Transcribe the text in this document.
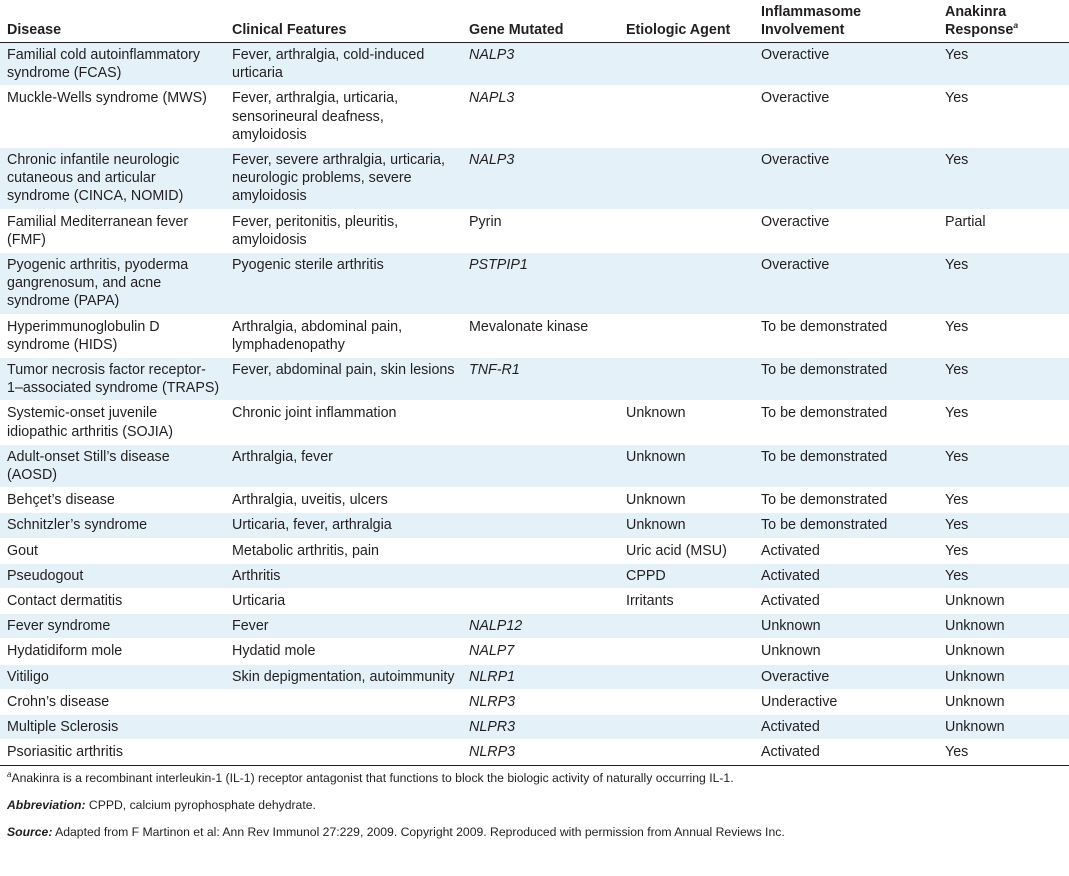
Disease	Clinical Features	Gene Mutated	Etiologic Agent	Inflammasome Involvement	Anakinra Response$^a$
Familial cold autoinflammatory syndrome (FCAS)	Fever, arthralgia, cold-induced urticaria	NALP3		Overactive	Yes
Muckle-Wells syndrome (MWS)	Fever, arthralgia, urticaria, sensorineural deafness, amyloidosis	NAPL3		Overactive	Yes
Chronic infantile neurologic cutaneous and articular syndrome (CINCA, NOMID)	Fever, severe arthralgia, urticaria, neurologic problems, severe amyloidosis	NALP3		Overactive	Yes
Familial Mediterranean fever (FMF)	Fever, peritonitis, pleuritis, amyloidosis	Pyrin		Overactive	Partial
Pyogenic arthritis, pyoderma gangrenosum, and acne syndrome (PAPA)	Pyogenic sterile arthritis	PSTPIP1		Overactive	Yes
Hyperimmunoglobulin D syndrome (HIDS)	Arthralgia, abdominal pain, lymphadenopathy	Mevalonate kinase		To be demonstrated	Yes
Tumor necrosis factor receptor-1–associated syndrome (TRAPS)	Fever, abdominal pain, skin lesions	TNF-R1		To be demonstrated	Yes
Systemic-onset juvenile idiopathic arthritis (SOJIA)	Chronic joint inflammation		Unknown	To be demonstrated	Yes
Adult-onset Still’s disease (AOSD)	Arthralgia, fever		Unknown	To be demonstrated	Yes
Behçet’s disease	Arthralgia, uveitis, ulcers		Unknown	To be demonstrated	Yes
Schnitzler’s syndrome	Urticaria, fever, arthralgia		Unknown	To be demonstrated	Yes
Gout	Metabolic arthritis, pain		Uric acid (MSU)	Activated	Yes
Pseudogout	Arthritis		CPPD	Activated	Yes
Contact dermatitis	Urticaria		Irritants	Activated	Unknown
Fever syndrome	Fever	NALP12		Unknown	Unknown
Hydatidiform mole	Hydatid mole	NALP7		Unknown	Unknown
Vitiligo	Skin depigmentation, autoimmunity	NLRP1		Overactive	Unknown
Crohn’s disease		NLRP3		Underactive	Unknown
Multiple Sclerosis		NLPR3		Activated	Unknown
Psoriasitic arthritis		NLRP3		Activated	Yes

$^a$Anakinra is a recombinant interleukin-1 (IL-1) receptor antagonist that functions to block the biologic activity of naturally occurring IL-1.

Abbreviation: CPPD, calcium pyrophosphate dehydrate.

Source: Adapted from F Martinon et al: Ann Rev Immunol 27:229, 2009. Copyright 2009. Reproduced with permission from Annual Reviews Inc.
